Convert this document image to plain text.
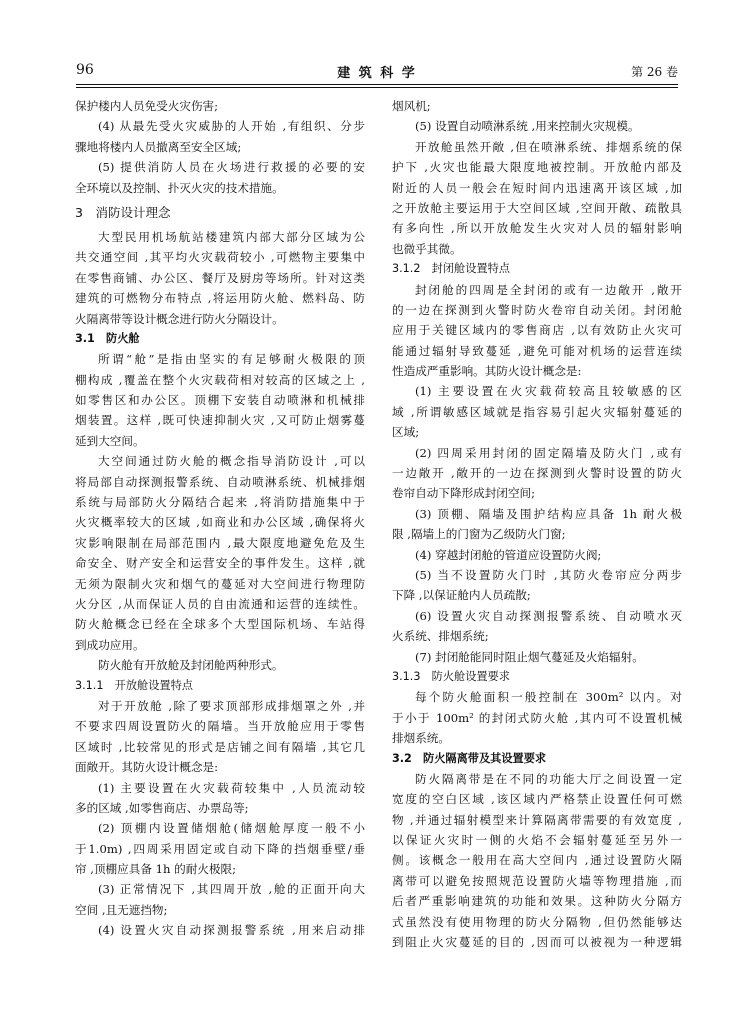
96	建 筑 科 学	第 26 卷
保护楼内人员免受火灾伤害;
(4) 从最先受火灾威胁的人开始 ,有组织、分步
骤地将楼内人员撤离至安全区域;
(5) 提供消防人员在火场进行救援的必要的安
全环境以及控制、扑灭火灾的技术措施。
3　消防设计理念
大型民用机场航站楼建筑内部大部分区域为公
共交通空间 ,其平均火灾载荷较小 ,可燃物主要集中
在零售商铺、办公区、餐厅及厨房等场所。针对这类
建筑的可燃物分布特点 ,将运用防火舱、燃料岛、防
火隔离带等设计概念进行防火分隔设计。
3.1　防火舱
所谓“舱”是指由坚实的有足够耐火极限的顶
棚构成 ,覆盖在整个火灾载荷相对较高的区域之上 ,
如零售区和办公区。顶棚下安装自动喷淋和机械排
烟装置。这样 ,既可快速抑制火灾 ,又可防止烟雾蔓
延到大空间。
大空间通过防火舱的概念指导消防设计 ,可以
将局部自动探测报警系统、自动喷淋系统、机械排烟
系统与局部防火分隔结合起来 ,将消防措施集中于
火灾概率较大的区域 ,如商业和办公区域 ,确保将火
灾影响限制在局部范围内 ,最大限度地避免危及生
命安全、财产安全和运营安全的事件发生。这样 ,就
无须为限制火灾和烟气的蔓延对大空间进行物理防
火分区 ,从而保证人员的自由流通和运营的连续性。
防火舱概念已经在全球多个大型国际机场、车站得
到成功应用。
防火舱有开放舱及封闭舱两种形式。
3.1.1　开放舱设置特点
对于开放舱 ,除了要求顶部形成排烟罩之外 ,并
不要求四周设置防火的隔墙。当开放舱应用于零售
区域时 ,比较常见的形式是店铺之间有隔墙 ,其它几
面敞开。其防火设计概念是:
(1) 主要设置在火灾载荷较集中 ,人员流动较
多的区域 ,如零售商店、办票岛等;
(2) 顶棚内设置储烟舱(储烟舱厚度一般不小
于1.0m) ,四周采用固定或自动下降的挡烟垂壁/垂
帘 ,顶棚应具备 1h 的耐火极限;
(3) 正常情况下 ,其四周开放 ,舱的正面开向大
空间 ,且无遮挡物;
(4) 设置火灾自动探测报警系统 ,用来启动排
烟风机;
(5) 设置自动喷淋系统 ,用来控制火灾规模。
开放舱虽然开敞 ,但在喷淋系统、排烟系统的保
护下 ,火灾也能最大限度地被控制。开放舱内部及
附近的人员一般会在短时间内迅速离开该区域 ,加
之开放舱主要运用于大空间区域 ,空间开敞、疏散具
有多向性 ,所以开放舱发生火灾对人员的辐射影响
也微乎其微。
3.1.2　封闭舱设置特点
封闭舱的四周是全封闭的或有一边敞开 ,敞开
的一边在探测到火警时防火卷帘自动关闭。封闭舱
应用于关键区域内的零售商店 ,以有效防止火灾可
能通过辐射导致蔓延 ,避免可能对机场的运营连续
性造成严重影响。其防火设计概念是:
(1) 主要设置在火灾载荷较高且较敏感的区
域 ,所谓敏感区域就是指容易引起火灾辐射蔓延的
区域;
(2) 四周采用封闭的固定隔墙及防火门 ,或有
一边敞开 ,敞开的一边在探测到火警时设置的防火
卷帘自动下降形成封闭空间;
(3) 顶棚、隔墙及围护结构应具备 1h 耐火极
限 ,隔墙上的门窗为乙级防火门窗;
(4) 穿越封闭舱的管道应设置防火阀;
(5) 当不设置防火门时 ,其防火卷帘应分两步
下降 ,以保证舱内人员疏散;
(6) 设置火灾自动探测报警系统、自动喷水灭
火系统、排烟系统;
(7) 封闭舱能同时阻止烟气蔓延及火焰辐射。
3.1.3　防火舱设置要求
每个防火舱面积一般控制在 300m² 以内。对
于小于 100m² 的封闭式防火舱 ,其内可不设置机械
排烟系统。
3.2　防火隔离带及其设置要求
防火隔离带是在不同的功能大厅之间设置一定
宽度的空白区域 ,该区域内严格禁止设置任何可燃
物 ,并通过辐射模型来计算隔离带需要的有效宽度 ,
以保证火灾时一侧的火焰不会辐射蔓延至另外一
侧。该概念一般用在高大空间内 ,通过设置防火隔
离带可以避免按照规范设置防火墙等物理措施 ,而
后者严重影响建筑的功能和效果。这种防火分隔方
式虽然没有使用物理的防火分隔物 ,但仍然能够达
到阻止火灾蔓延的目的 ,因而可以被视为一种逻辑
